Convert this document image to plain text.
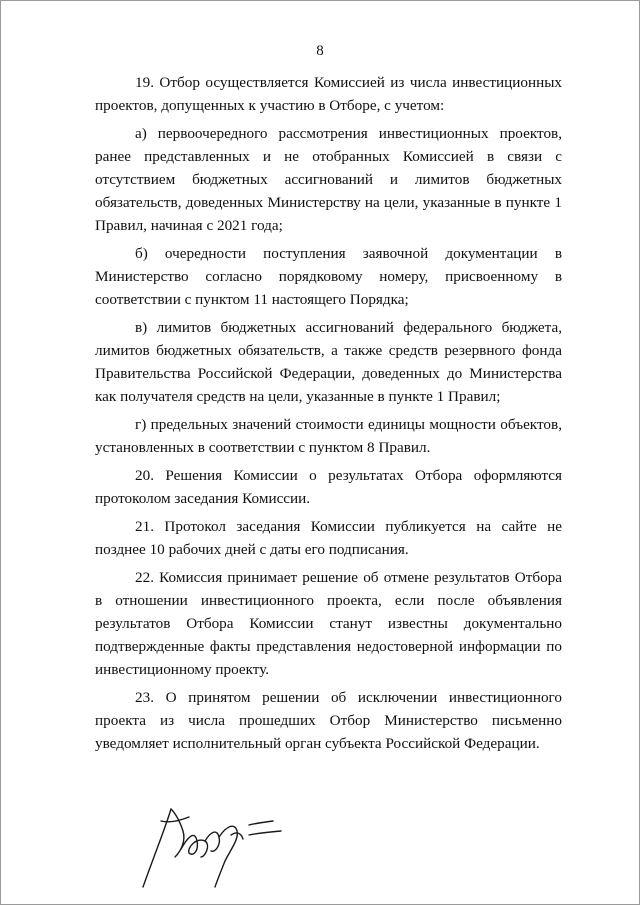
8

19. Отбор осуществляется Комиссией из числа инвестиционных проектов, допущенных к участию в Отборе, с учетом:

а) первоочередного рассмотрения инвестиционных проектов, ранее представленных и не отобранных Комиссией в связи с отсутствием бюджетных ассигнований и лимитов бюджетных обязательств, доведенных Министерству на цели, указанные в пункте 1 Правил, начиная с 2021 года;

б) очередности поступления заявочной документации в Министерство согласно порядковому номеру, присвоенному в соответствии с пунктом 11 настоящего Порядка;

в) лимитов бюджетных ассигнований федерального бюджета, лимитов бюджетных обязательств, а также средств резервного фонда Правительства Российской Федерации, доведенных до Министерства как получателя средств на цели, указанные в пункте 1 Правил;

г) предельных значений стоимости единицы мощности объектов, установленных в соответствии с пунктом 8 Правил.

20. Решения Комиссии о результатах Отбора оформляются протоколом заседания Комиссии.

21. Протокол заседания Комиссии публикуется на сайте не позднее 10 рабочих дней с даты его подписания.

22. Комиссия принимает решение об отмене результатов Отбора в отношении инвестиционного проекта, если после объявления результатов Отбора Комиссии станут известны документально подтвержденные факты представления недостоверной информации по инвестиционному проекту.

23. О принятом решении об исключении инвестиционного проекта из числа прошедших Отбор Министерство письменно уведомляет исполнительный орган субъекта Российской Федерации.
